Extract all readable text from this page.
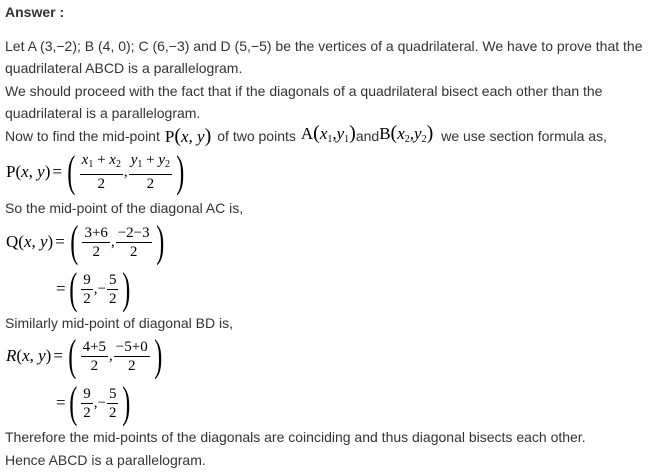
Answer :
Let A (3,−2); B (4, 0); C (6,−3) and D (5,−5) be the vertices of a quadrilateral. We have to prove that the
quadrilateral ABCD is a parallelogram.
We should proceed with the fact that if the diagonals of a quadrilateral bisect each other than the
quadrilateral is a parallelogram.
Now to find the mid-point P(x, y) of two points $A(x_1,y_1)$ and $B(x_2,y_2)$ we use section formula as,
P(x, y) = ( $\frac{x_1 + x_2}{2}$ , $\frac{y_1 + y_2}{2}$ )
So the mid-point of the diagonal AC is,
Q(x, y) = ( $\frac{3+6}{2}$ , $\frac{-2-3}{2}$ )
= ( $\frac{9}{2}$ ,− $\frac{5}{2}$ )
Similarly mid-point of diagonal BD is,
R(x, y) = ( $\frac{4+5}{2}$ , $\frac{-5+0}{2}$ )
= ( $\frac{9}{2}$ ,− $\frac{5}{2}$ )
Therefore the mid-points of the diagonals are coinciding and thus diagonal bisects each other.
Hence ABCD is a parallelogram.
